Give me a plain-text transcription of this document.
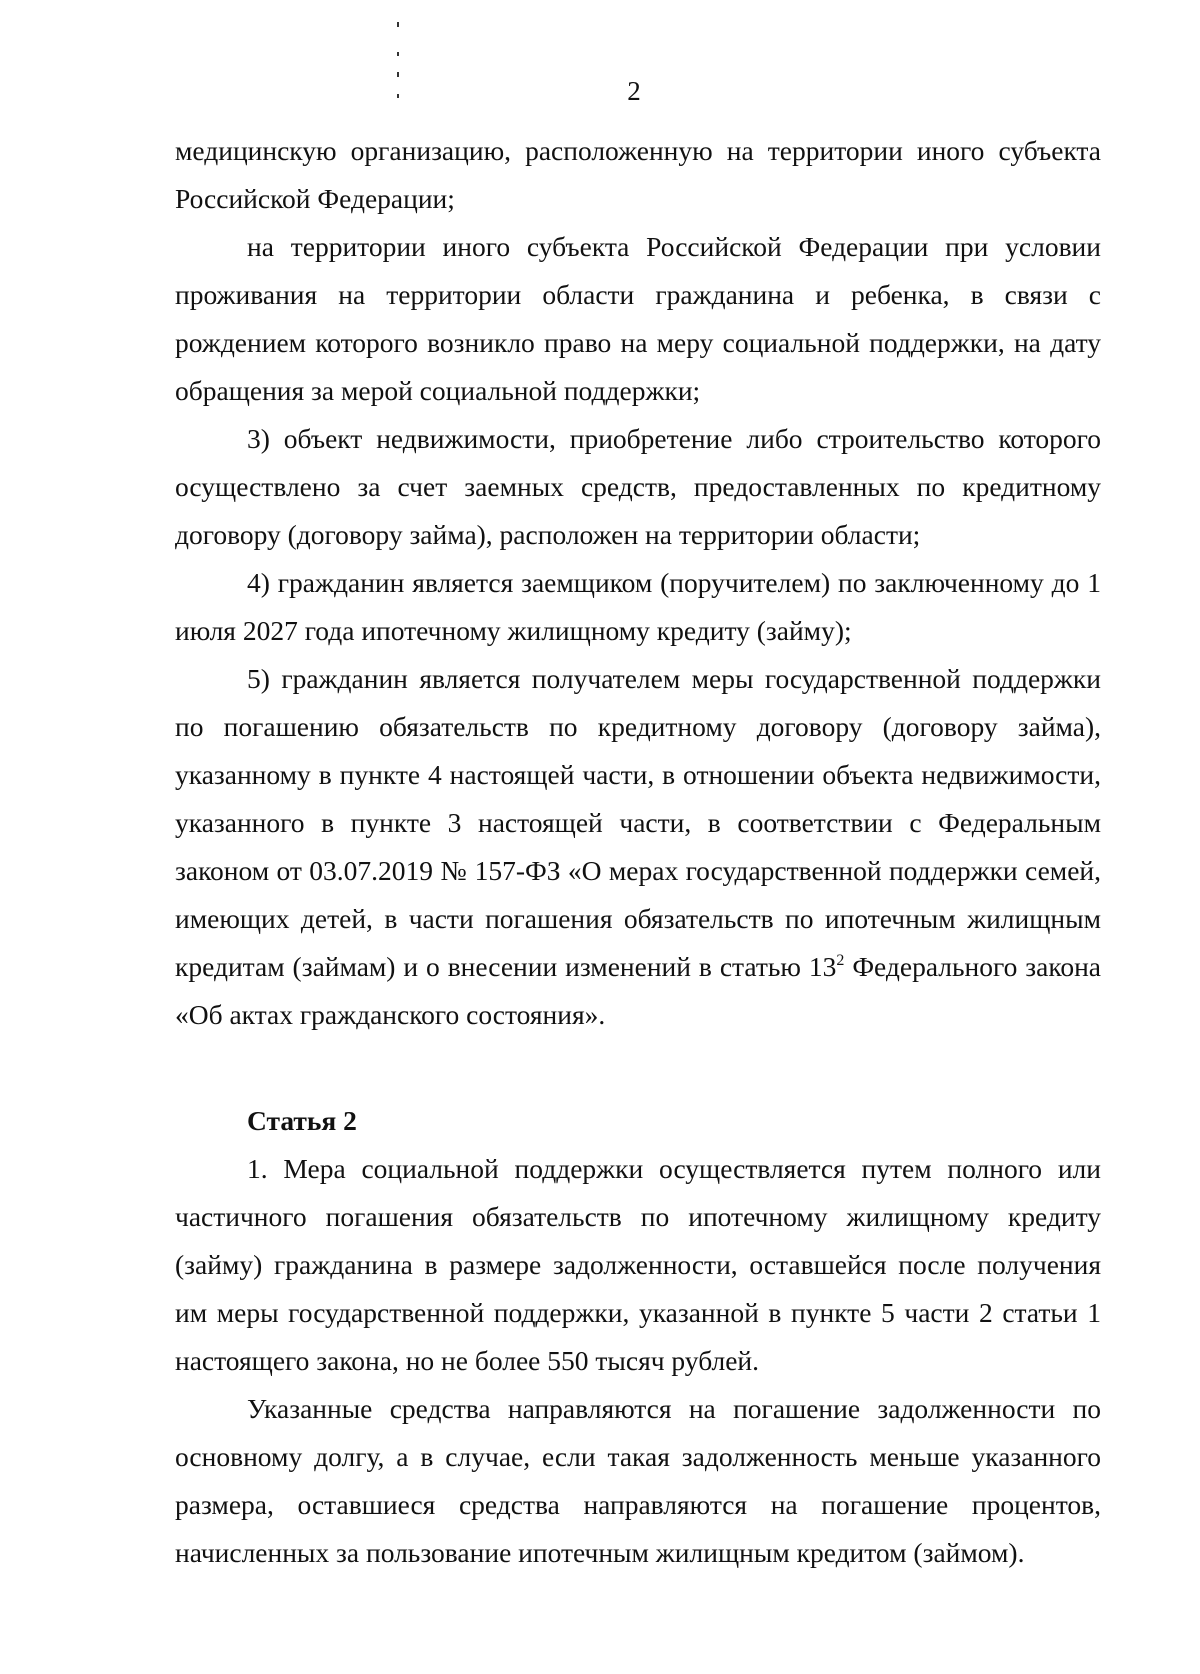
2

медицинскую организацию, расположенную на территории иного субъекта Российской Федерации;

на территории иного субъекта Российской Федерации при условии проживания на территории области гражданина и ребенка, в связи с рождением которого возникло право на меру социальной поддержки, на дату обращения за мерой социальной поддержки;

3) объект недвижимости, приобретение либо строительство которого осуществлено за счет заемных средств, предоставленных по кредитному договору (договору займа), расположен на территории области;

4) гражданин является заемщиком (поручителем) по заключенному до 1 июля 2027 года ипотечному жилищному кредиту (займу);

5) гражданин является получателем меры государственной поддержки по погашению обязательств по кредитному договору (договору займа), указанному в пункте 4 настоящей части, в отношении объекта недвижимости, указанного в пункте 3 настоящей части, в соответствии с Федеральным законом от 03.07.2019 № 157-ФЗ «О мерах государственной поддержки семей, имеющих детей, в части погашения обязательств по ипотечным жилищным кредитам (займам) и о внесении изменений в статью $13^2$ Федерального закона «Об актах гражданского состояния».

Статья 2

1. Мера социальной поддержки осуществляется путем полного или частичного погашения обязательств по ипотечному жилищному кредиту (займу) гражданина в размере задолженности, оставшейся после получения им меры государственной поддержки, указанной в пункте 5 части 2 статьи 1 настоящего закона, но не более 550 тысяч рублей.

Указанные средства направляются на погашение задолженности по основному долгу, а в случае, если такая задолженность меньше указанного размера, оставшиеся средства направляются на погашение процентов, начисленных за пользование ипотечным жилищным кредитом (займом).
